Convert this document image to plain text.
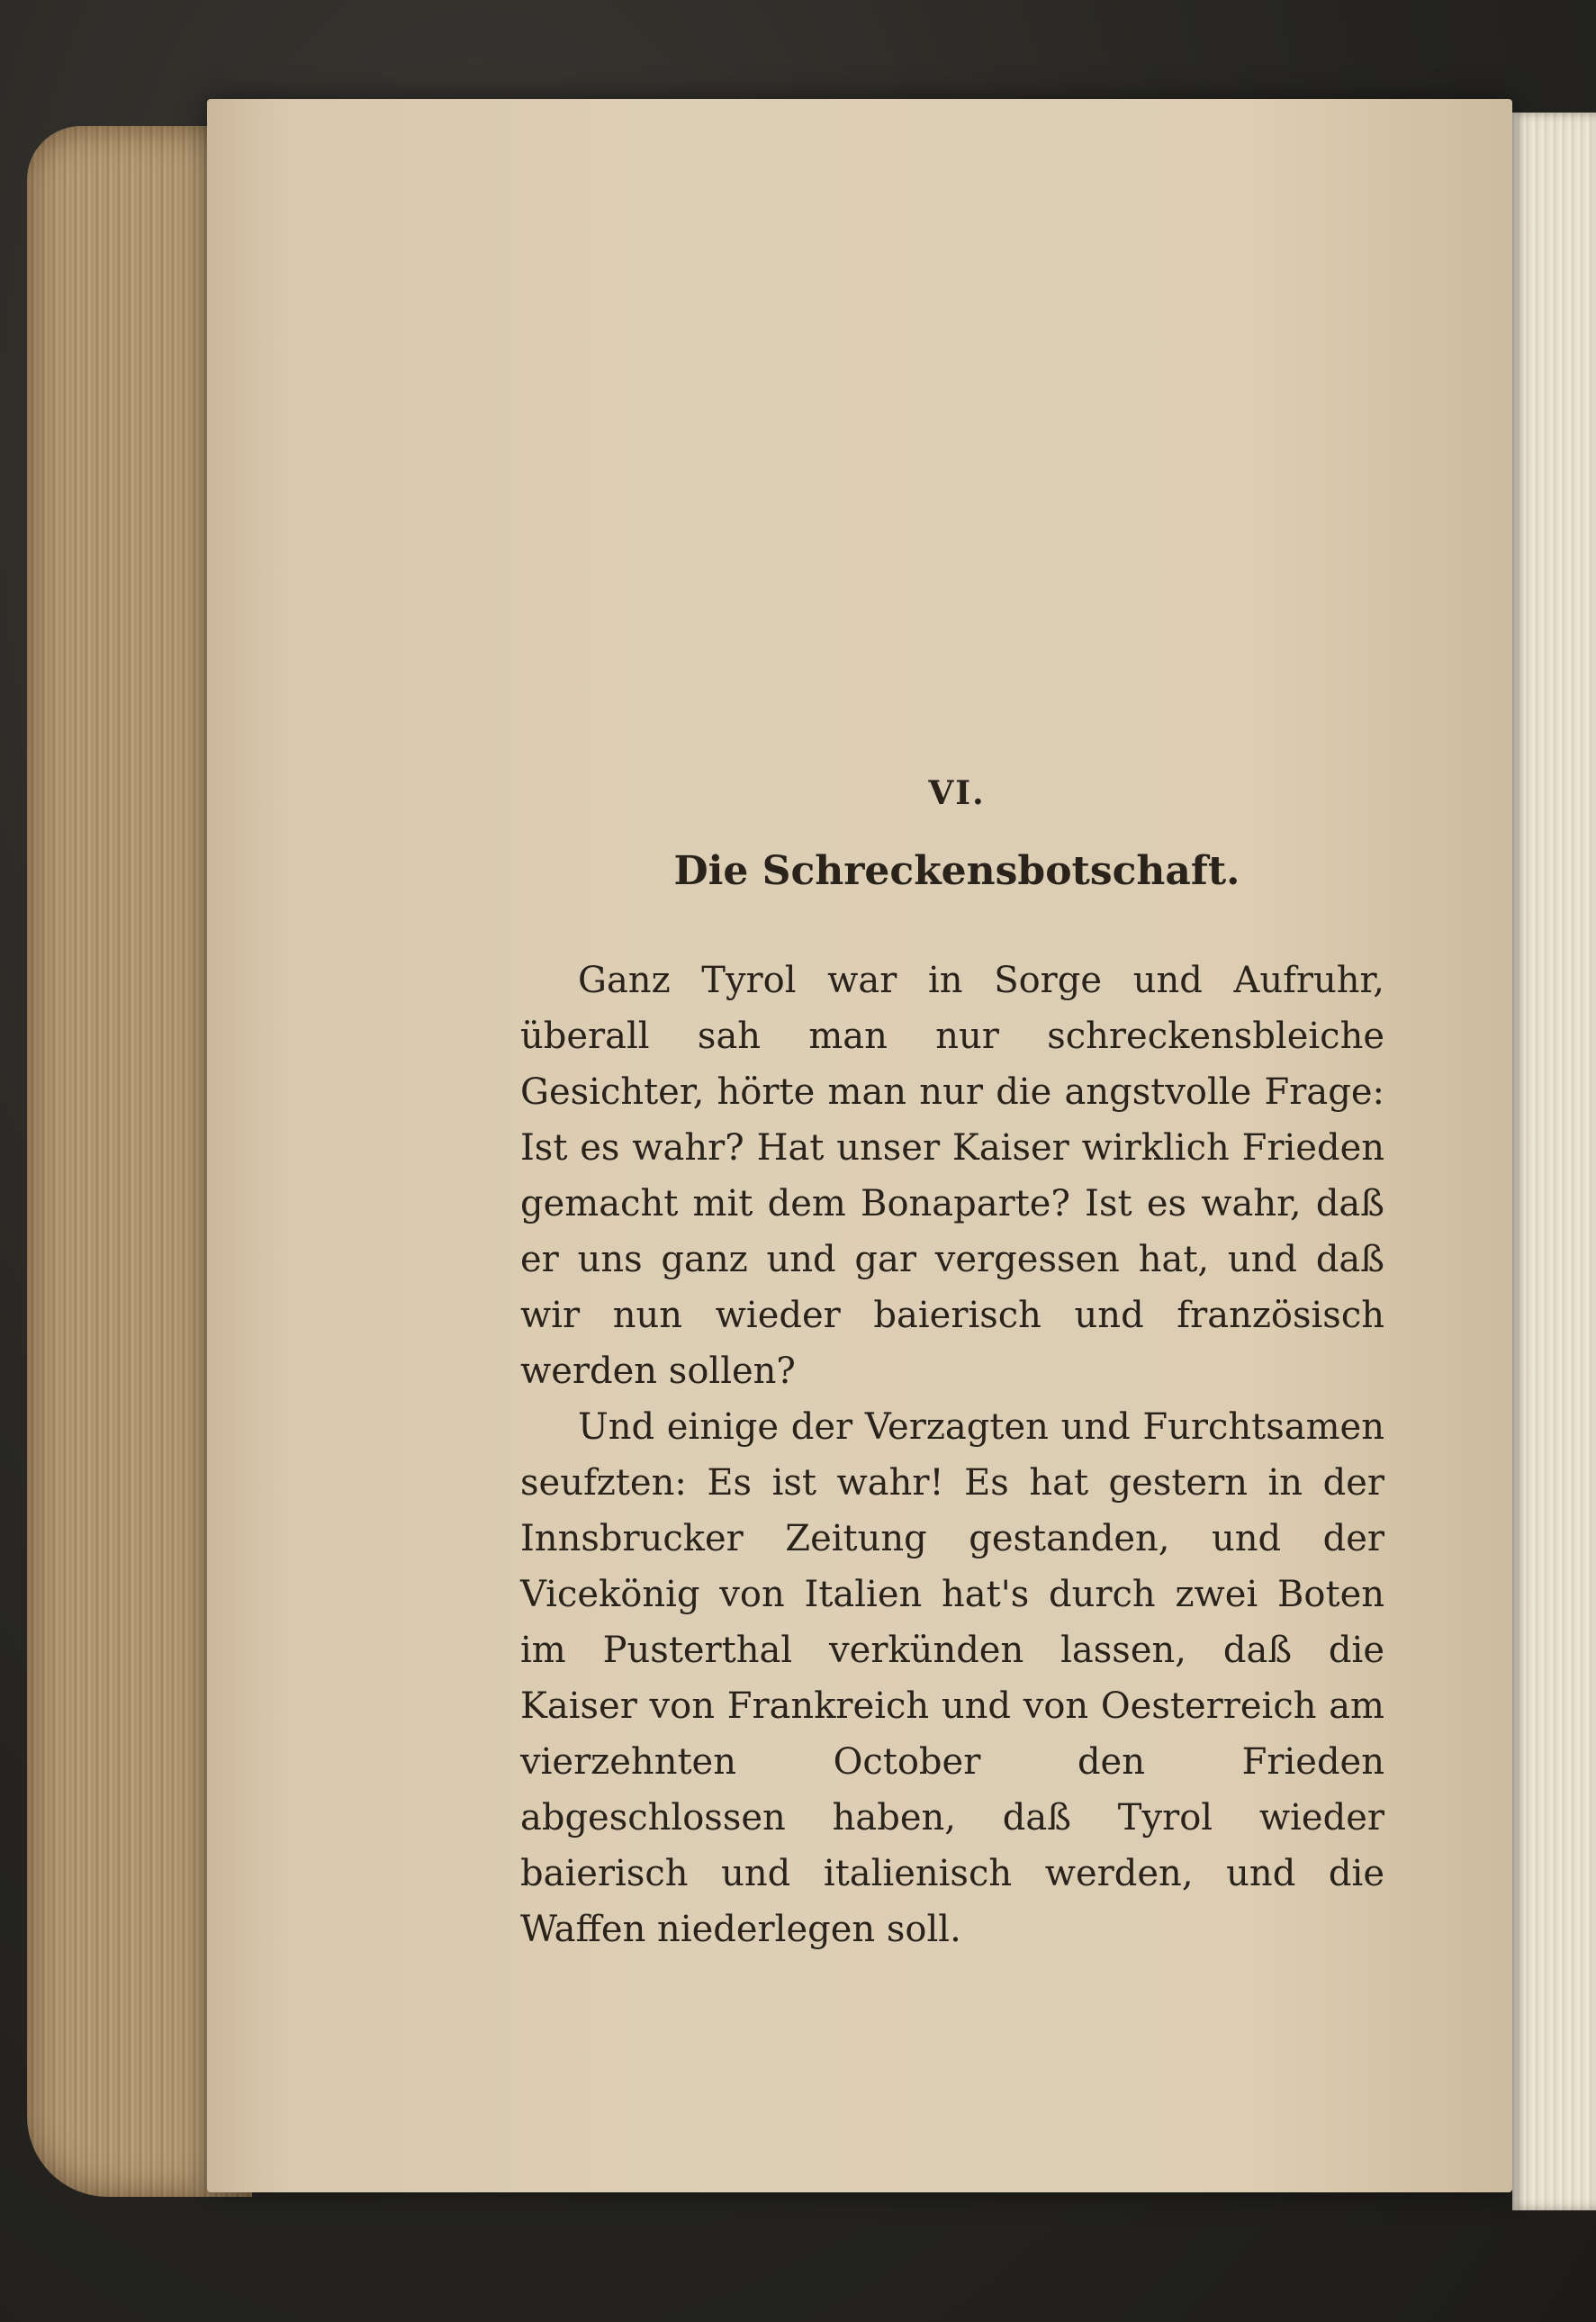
VI.
Die Schreckensbotschaft.

Ganz Tyrol war in Sorge und Aufruhr, überall sah man nur schreckensbleiche Gesichter, hörte man nur die angstvolle Frage: Ist es wahr? Hat unser Kaiser wirklich Frieden gemacht mit dem Bonaparte? Ist es wahr, daß er uns ganz und gar vergessen hat, und daß wir nun wieder baierisch und französisch werden sollen?

Und einige der Verzagten und Furchtsamen seufzten: Es ist wahr! Es hat gestern in der Innsbrucker Zeitung gestanden, und der Vicekönig von Italien hat's durch zwei Boten im Pusterthal verkünden lassen, daß die Kaiser von Frankreich und von Oesterreich am vierzehnten October den Frieden abgeschlossen haben, daß Tyrol wieder baierisch und italienisch werden, und die Waffen niederlegen soll.
